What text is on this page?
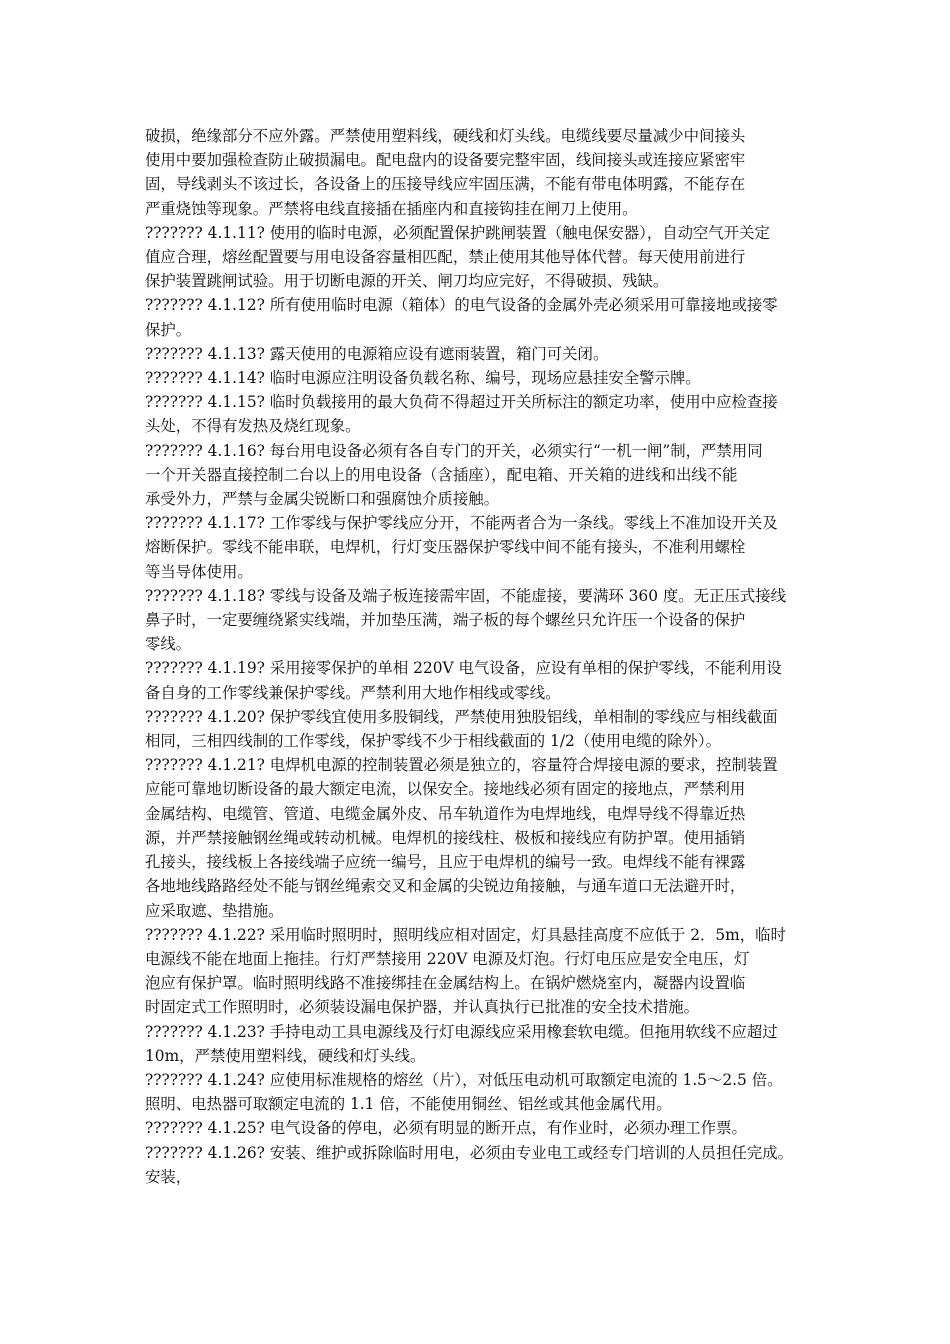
破损，绝缘部分不应外露。严禁使用塑料线，硬线和灯头线。电缆线要尽量减少中间接头
使用中要加强检查防止破损漏电。配电盘内的设备要完整牢固，线间接头或连接应紧密牢
固，导线剥头不该过长，各设备上的压接导线应牢固压满，不能有带电体明露，不能存在
严重烧蚀等现象。严禁将电线直接插在插座内和直接钩挂在闸刀上使用。
??????? 4.1.11? 使用的临时电源，必须配置保护跳闸装置（触电保安器），自动空气开关定
值应合理，熔丝配置要与用电设备容量相匹配，禁止使用其他导体代替。每天使用前进行
保护装置跳闸试验。用于切断电源的开关、闸刀均应完好，不得破损、残缺。
??????? 4.1.12? 所有使用临时电源（箱体）的电气设备的金属外壳必须采用可靠接地或接零
保护。
??????? 4.1.13? 露天使用的电源箱应设有遮雨装置，箱门可关闭。
??????? 4.1.14? 临时电源应注明设备负载名称、编号，现场应悬挂安全警示牌。
??????? 4.1.15? 临时负载接用的最大负荷不得超过开关所标注的额定功率，使用中应检查接
头处，不得有发热及烧红现象。
??????? 4.1.16? 每台用电设备必须有各自专门的开关，必须实行“一机一闸”制，严禁用同
一个开关器直接控制二台以上的用电设备（含插座），配电箱、开关箱的进线和出线不能
承受外力，严禁与金属尖锐断口和强腐蚀介质接触。
??????? 4.1.17? 工作零线与保护零线应分开，不能两者合为一条线。零线上不准加设开关及
熔断保护。零线不能串联，电焊机，行灯变压器保护零线中间不能有接头，不准利用螺栓
等当导体使用。
??????? 4.1.18? 零线与设备及端子板连接需牢固，不能虚接，要满环 360 度。无正压式接线
鼻子时，一定要缠绕紧实线端，并加垫压满，端子板的每个螺丝只允许压一个设备的保护
零线。
??????? 4.1.19? 采用接零保护的单相 220V 电气设备，应设有单相的保护零线，不能利用设
备自身的工作零线兼保护零线。严禁利用大地作相线或零线。
??????? 4.1.20? 保护零线宜使用多股铜线，严禁使用独股铝线，单相制的零线应与相线截面
相同，三相四线制的工作零线，保护零线不少于相线截面的 1/2（使用电缆的除外）。
??????? 4.1.21? 电焊机电源的控制装置必须是独立的，容量符合焊接电源的要求，控制装置
应能可靠地切断设备的最大额定电流，以保安全。接地线必须有固定的接地点，严禁利用
金属结构、电缆管、管道、电缆金属外皮、吊车轨道作为电焊地线，电焊导线不得靠近热
源，并严禁接触钢丝绳或转动机械。电焊机的接线柱、极板和接线应有防护罩。使用插销
孔接头，接线板上各接线端子应统一编号，且应于电焊机的编号一致。电焊线不能有裸露
各地地线路路经处不能与钢丝绳索交叉和金属的尖锐边角接触，与通车道口无法避开时，
应采取遮、垫措施。
??????? 4.1.22? 采用临时照明时，照明线应相对固定，灯具悬挂高度不应低于 2．5m，临时
电源线不能在地面上拖挂。行灯严禁接用 220V 电源及灯泡。行灯电压应是安全电压，灯
泡应有保护罩。临时照明线路不准接绑挂在金属结构上。在锅炉燃烧室内，凝器内设置临
时固定式工作照明时，必须装设漏电保护器，并认真执行已批准的安全技术措施。
??????? 4.1.23? 手持电动工具电源线及行灯电源线应采用橡套软电缆。但拖用软线不应超过
10m，严禁使用塑料线，硬线和灯头线。
??????? 4.1.24? 应使用标准规格的熔丝（片），对低压电动机可取额定电流的 1.5～2.5 倍。
照明、电热器可取额定电流的 1.1 倍，不能使用铜丝、铝丝或其他金属代用。
??????? 4.1.25? 电气设备的停电，必须有明显的断开点，有作业时，必须办理工作票。
??????? 4.1.26? 安装、维护或拆除临时用电，必须由专业电工或经专门培训的人员担任完成。
安装，
